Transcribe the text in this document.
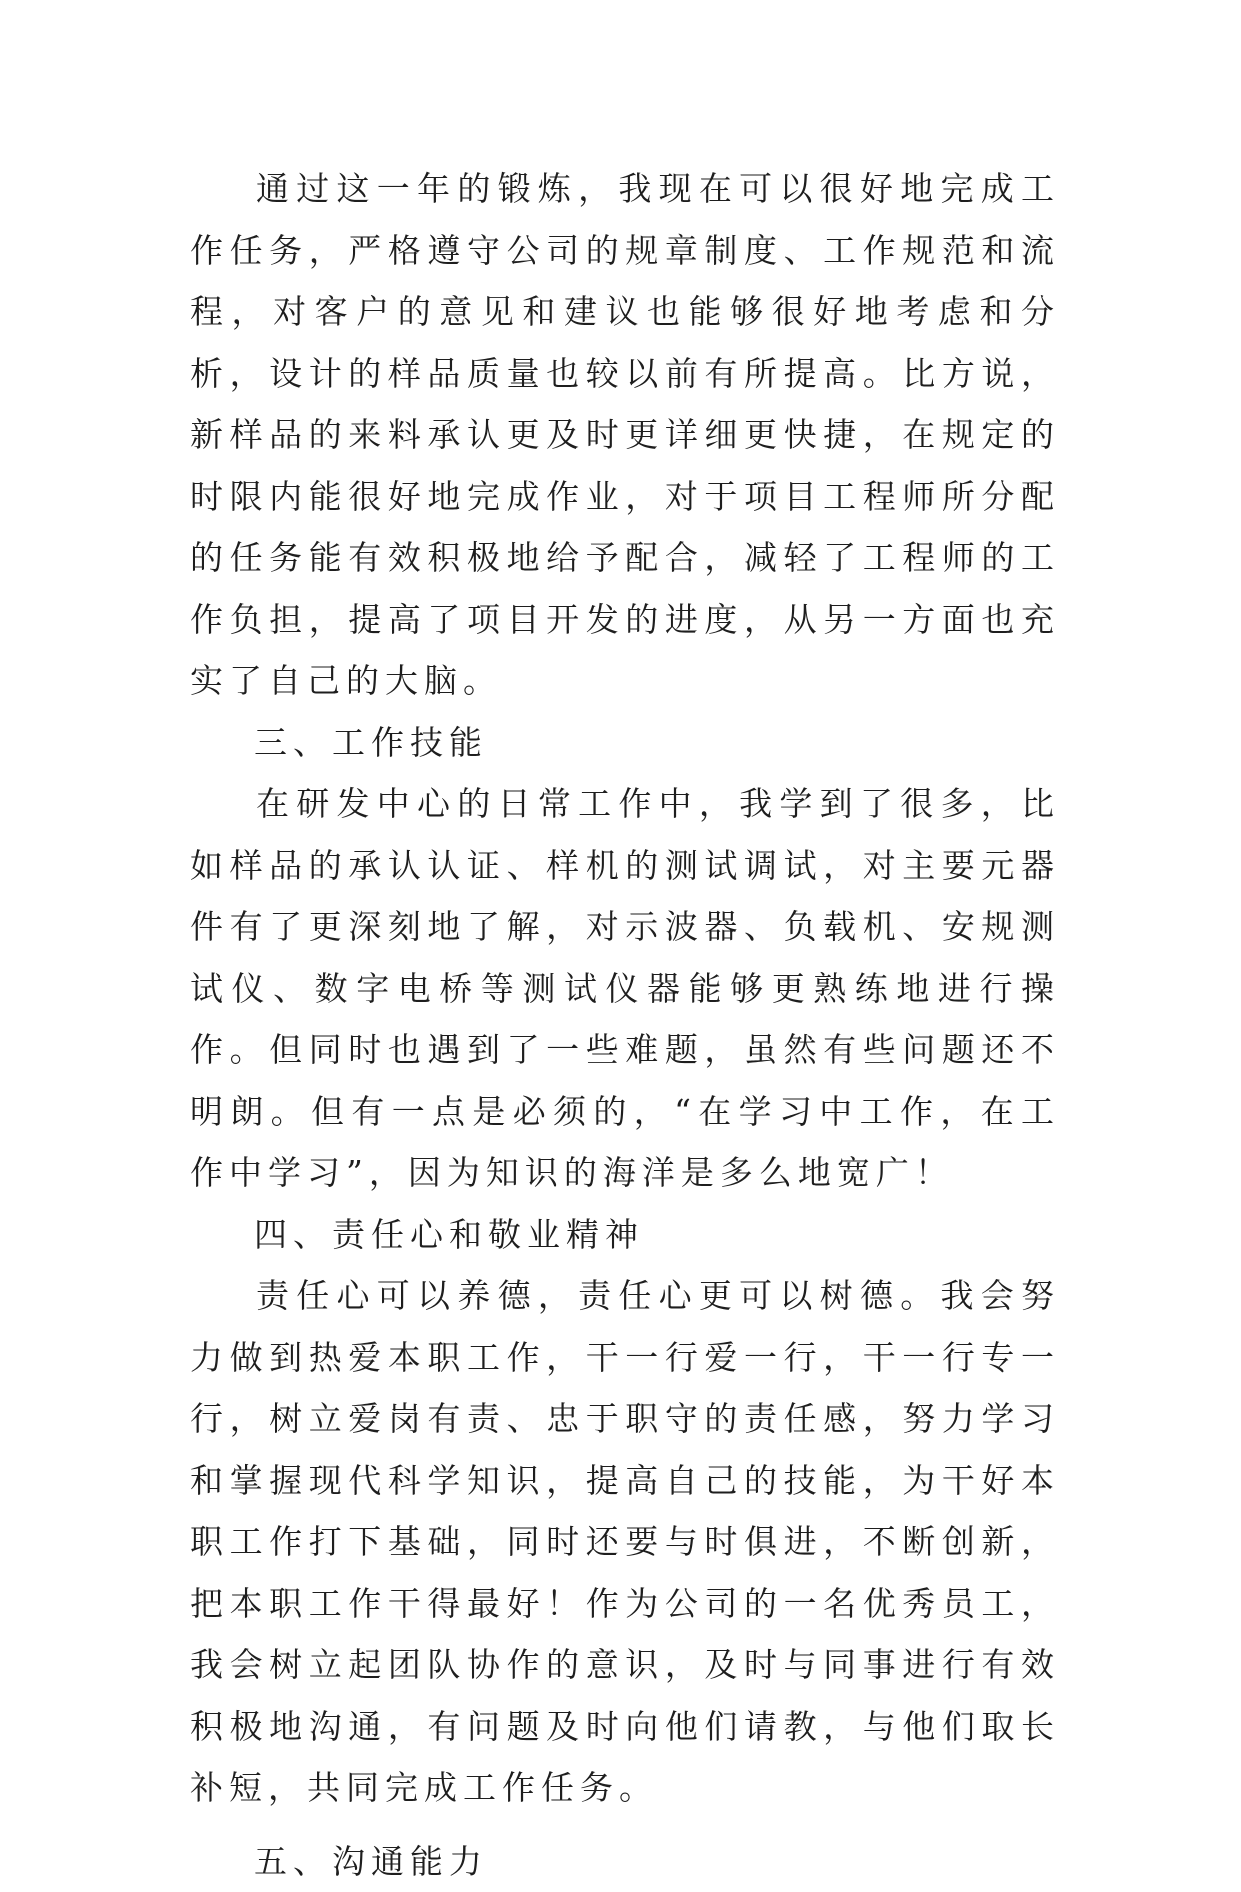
通过这一年的锻炼，我现在可以很好地完成工作任务，严格遵守公司的规章制度、工作规范和流程，对客户的意见和建议也能够很好地考虑和分析，设计的样品质量也较以前有所提高。比方说，新样品的来料承认更及时更详细更快捷，在规定的时限内能很好地完成作业，对于项目工程师所分配的任务能有效积极地给予配合，减轻了工程师的工作负担，提高了项目开发的进度，从另一方面也充实了自己的大脑。

三、工作技能

在研发中心的日常工作中，我学到了很多，比如样品的承认认证、样机的测试调试，对主要元器件有了更深刻地了解，对示波器、负载机、安规测试仪、数字电桥等测试仪器能够更熟练地进行操作。但同时也遇到了一些难题，虽然有些问题还不明朗。但有一点是必须的，“在学习中工作，在工作中学习”，因为知识的海洋是多么地宽广！

四、责任心和敬业精神

责任心可以养德，责任心更可以树德。我会努力做到热爱本职工作，干一行爱一行，干一行专一行，树立爱岗有责、忠于职守的责任感，努力学习和掌握现代科学知识，提高自己的技能，为干好本职工作打下基础，同时还要与时俱进，不断创新，把本职工作干得最好！作为公司的一名优秀员工，我会树立起团队协作的意识，及时与同事进行有效积极地沟通，有问题及时向他们请教，与他们取长补短，共同完成工作任务。

五、沟通能力
